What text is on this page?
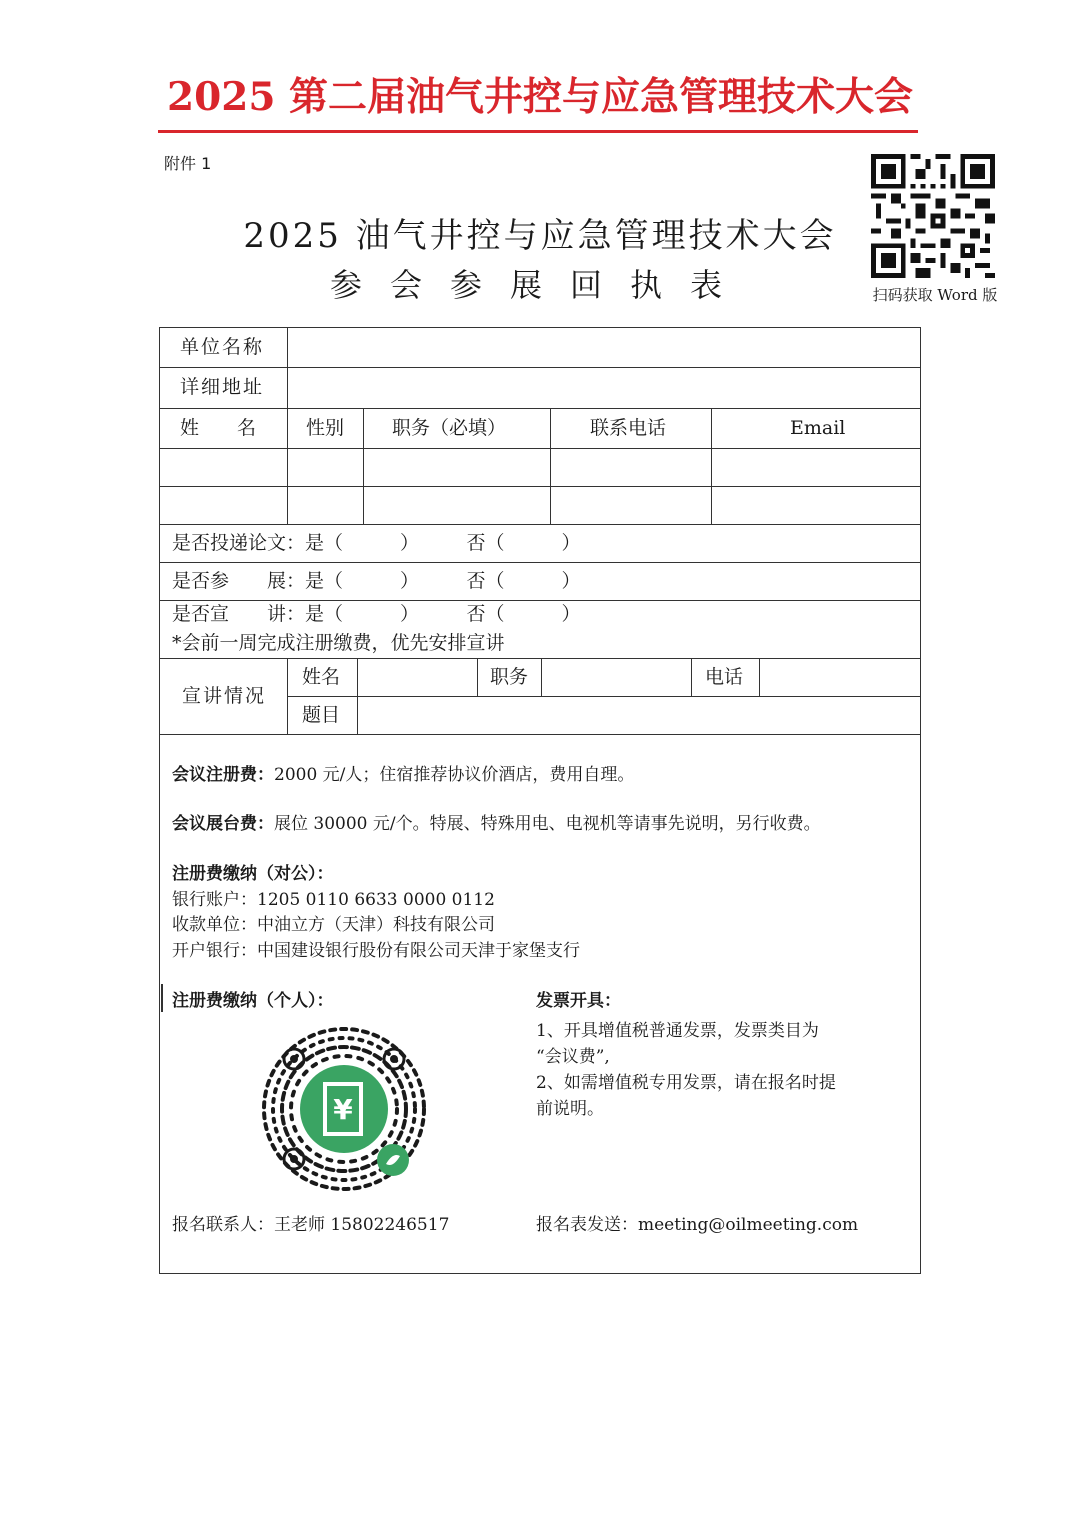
2025 第二届油气井控与应急管理技术大会
附件 1
扫码获取 Word 版
2025 油气井控与应急管理技术大会
参会参展回执表
单位名称
详细地址
姓　　名	性别	职务（必填）	联系电话	Email
是否投递论文：是（　　　）　　　否（　　　）
是否参　　展：是（　　　）　　　否（　　　）
是否宣　　讲：是（　　　）　　　否（　　　）
*会前一周完成注册缴费，优先安排宣讲
宣讲情况
姓名	职务	电话
题目
会议注册费：2000 元/人；住宿推荐协议价酒店，费用自理。
会议展台费：展位 30000 元/个。特展、特殊用电、电视机等请事先说明，另行收费。
注册费缴纳（对公）：
银行账户：1205 0110 6633 0000 0112
收款单位：中油立方（天津）科技有限公司
开户银行：中国建设银行股份有限公司天津于家堡支行
注册费缴纳（个人）：	发票开具：
1、开具增值税普通发票，发票类目为
“会议费”,
2、如需增值税专用发票，请在报名时提
前说明。
¥
报名联系人：王老师 15802246517	报名表发送：meeting@oilmeeting.com
